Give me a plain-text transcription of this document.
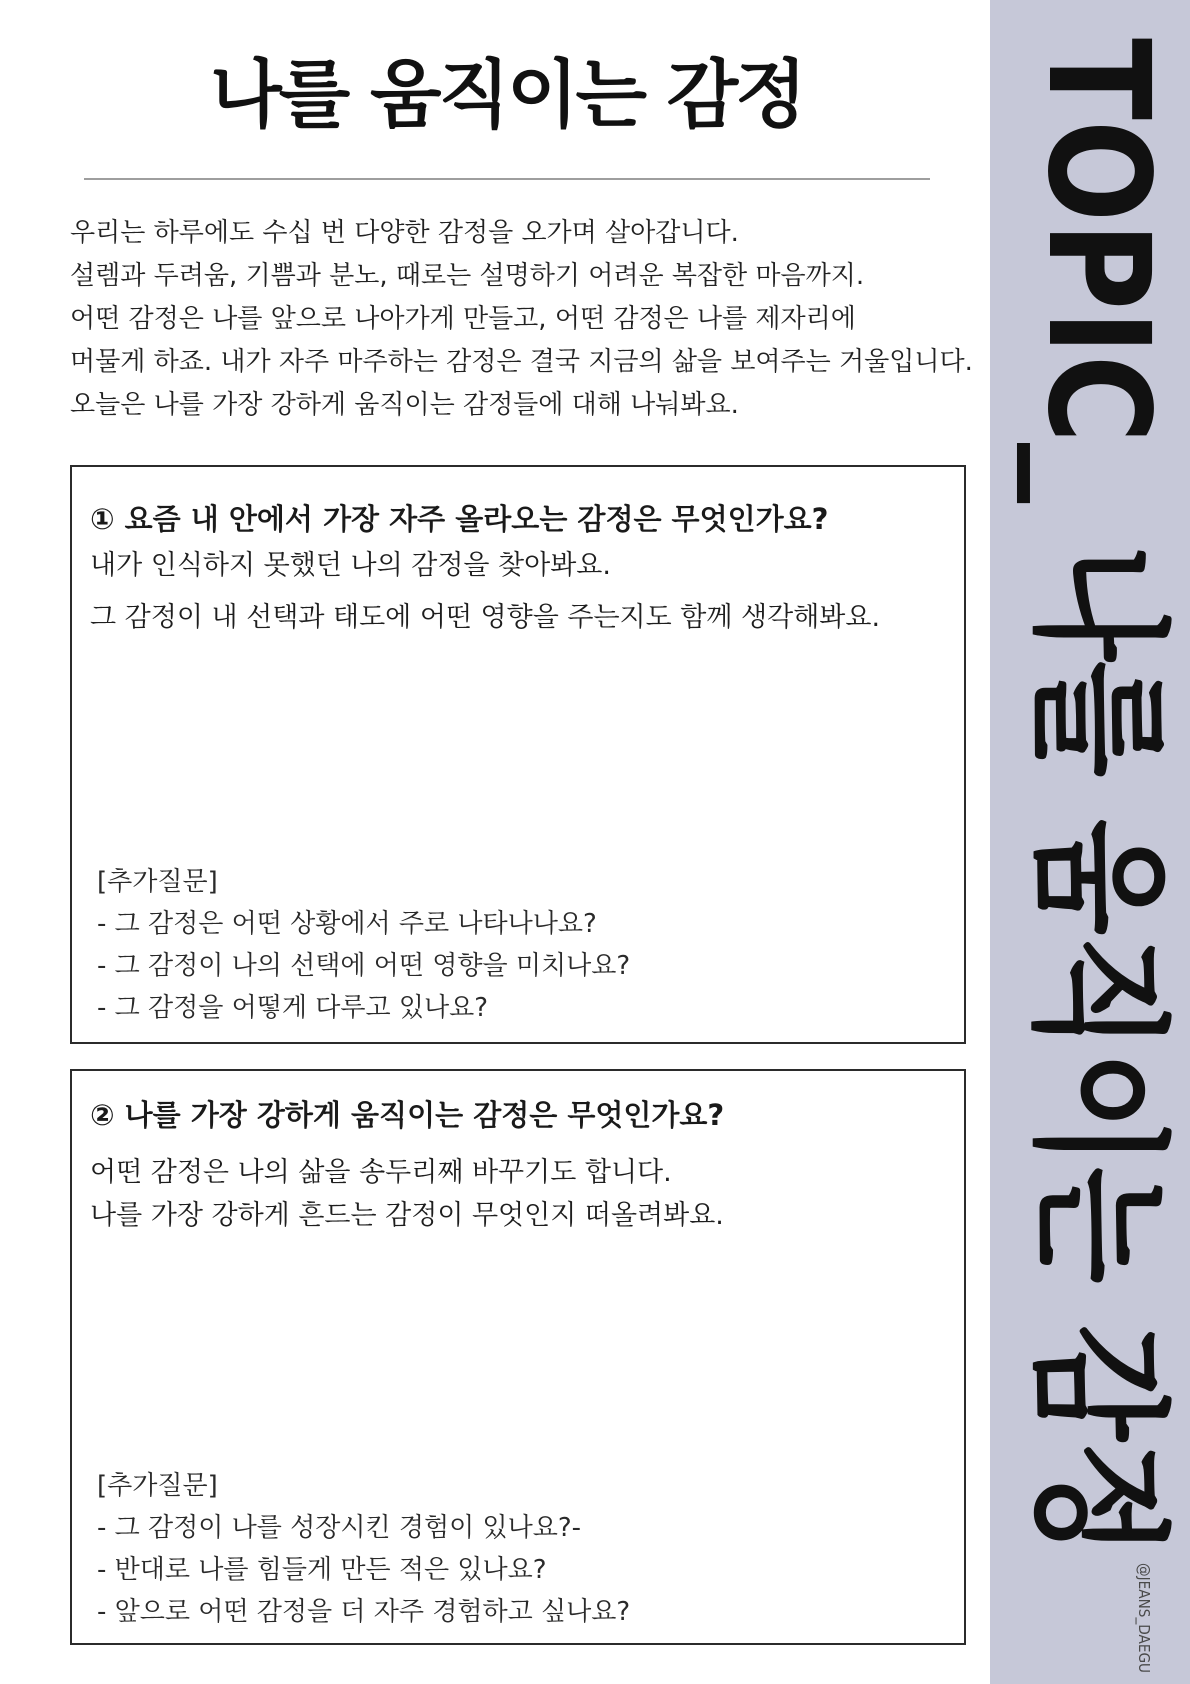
나를 움직이는 감정
우리는 하루에도 수십 번 다양한 감정을 오가며 살아갑니다.
설렘과 두려움, 기쁨과 분노, 때로는 설명하기 어려운 복잡한 마음까지.
어떤 감정은 나를 앞으로 나아가게 만들고, 어떤 감정은 나를 제자리에
머물게 하죠. 내가 자주 마주하는 감정은 결국 지금의 삶을 보여주는 거울입니다.
오늘은 나를 가장 강하게 움직이는 감정들에 대해 나눠봐요.
① 요즘 내 안에서 가장 자주 올라오는 감정은 무엇인가요?
내가 인식하지 못했던 나의 감정을 찾아봐요.
그 감정이 내 선택과 태도에 어떤 영향을 주는지도 함께 생각해봐요.
[추가질문]
- 그 감정은 어떤 상황에서 주로 나타나나요?
- 그 감정이 나의 선택에 어떤 영향을 미치나요?
- 그 감정을 어떻게 다루고 있나요?
② 나를 가장 강하게 움직이는 감정은 무엇인가요?
어떤 감정은 나의 삶을 송두리째 바꾸기도 합니다.
나를 가장 강하게 흔드는 감정이 무엇인지 떠올려봐요.
[추가질문]
- 그 감정이 나를 성장시킨 경험이 있나요?-
- 반대로 나를 힘들게 만든 적은 있나요?
- 앞으로 어떤 감정을 더 자주 경험하고 싶나요?
TOPIC_ 나를 움직이는 감정
@JEANS_DAEGU
